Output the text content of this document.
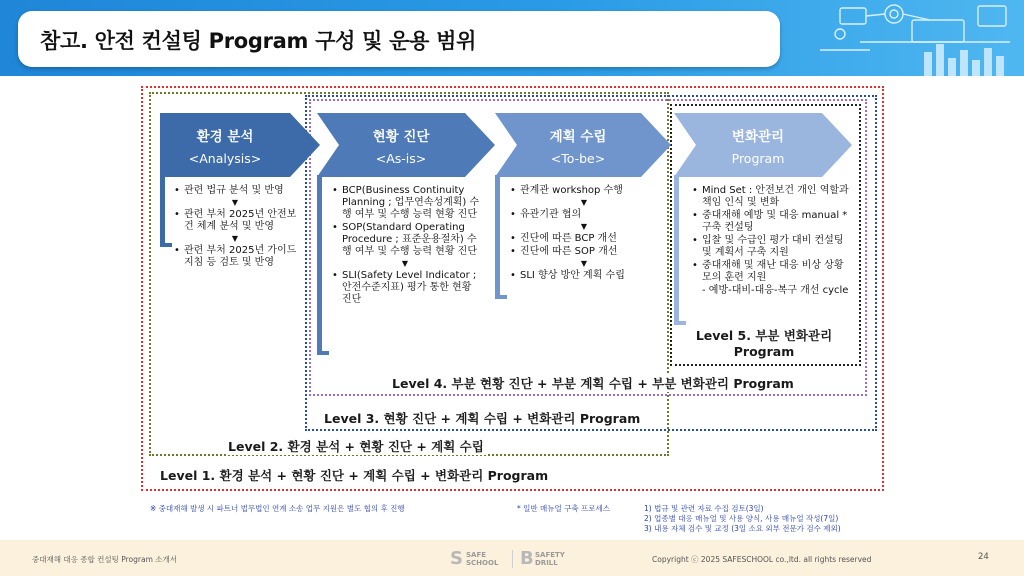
참고. 안전 컨설팅 Program 구성 및 운용 범위
환경 분석
<Analysis>
현황 진단
<As-is>
계획 수립
<To-be>
변화관리
Program
• 관련 법규 분석 및 반영
▼
• 관련 부처 2025년 안전보건 체계 분석 및 반영
▼
• 관련 부처 2025년 가이드 지침 등 검토 및 반영
• BCP(Business Continuity Planning ; 업무연속성계획) 수행 여부 및 수행 능력 현황 진단
• SOP(Standard Operating Procedure ; 표준운용절차) 수행 여부 및 수행 능력 현황 진단
▼
• SLI(Safety Level Indicator ; 안전수준지표) 평가 통한 현황 진단
• 관계관 workshop 수행
▼
• 유관기관 협의
▼
• 진단에 따른 BCP 개선
• 진단에 따른 SOP 개선
▼
• SLI 향상 방안 계획 수립
• Mind Set : 안전보건 개인 역할과 책임 인식 및 변화
• 중대재해 예방 및 대응 manual * 구축 컨설팅
• 입찰 및 수급인 평가 대비 컨설팅 및 계획서 구축 지원
• 중대재해 및 재난 대응 비상 상황 모의 훈련 지원
- 예방-대비-대응-복구 개선 cycle
Level 5. 부분 변화관리 Program
Level 4. 부분 현황 진단 + 부분 계획 수립 + 부분 변화관리 Program
Level 3. 현황 진단 + 계획 수립 + 변화관리 Program
Level 2. 환경 분석 + 현황 진단 + 계획 수립
Level 1. 환경 분석 + 현황 진단 + 계획 수립 + 변화관리 Program
※ 중대재해 발생 시 파트너 법무법인 연계 소송 업무 지원은 별도 협의 후 진행	* 일반 매뉴얼 구축 프로세스	1) 법규 및 관련 자료 수집 검토(3일)
2) 업종별 대응 매뉴얼 및 사용 양식, 사용 매뉴얼 작성(7일)
3) 내용 자체 검수 및 교정 (3일 소요 외부 전문가 검수 제외)
중대재해 대응 종합 컨설팅 Program 소개서	S SAFE
SCHOOL B SAFETY
DRILL	Copyright ⓒ 2025 SAFESCHOOL co.,ltd. all rights reserved	24
